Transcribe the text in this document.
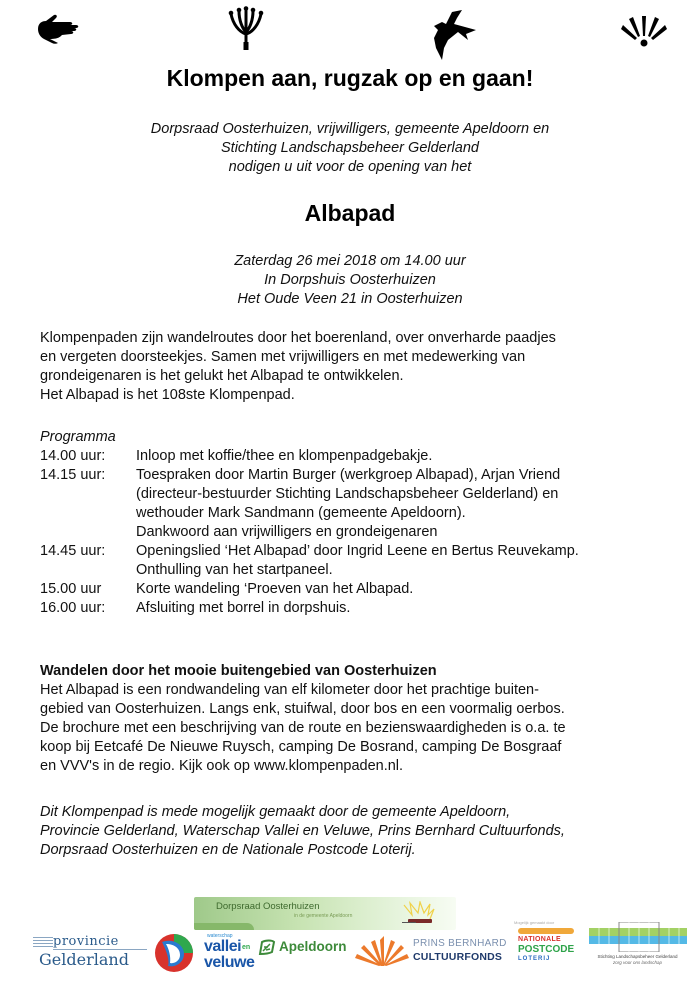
Klompen aan, rugzak op en gaan!
Dorpsraad Oosterhuizen, vrijwilligers, gemeente Apeldoorn en
Stichting Landschapsbeheer Gelderland
nodigen u uit voor de opening van het
Albapad
Zaterdag 26 mei 2018 om 14.00 uur
In Dorpshuis Oosterhuizen
Het Oude Veen 21 in Oosterhuizen
Klompenpaden zijn wandelroutes door het boerenland, over onverharde paadjes
en vergeten doorsteekjes. Samen met vrijwilligers en met medewerking van
grondeigenaren is het gelukt het Albapad te ontwikkelen.
Het Albapad is het 108ste Klompenpad.
Programma
14.00 uur:	Inloop met koffie/thee en klompenpadgebakje.
14.15 uur:	Toespraken door Martin Burger (werkgroep Albapad), Arjan Vriend
(directeur-bestuurder Stichting Landschapsbeheer Gelderland) en
wethouder Mark Sandmann (gemeente Apeldoorn).
Dankwoord aan vrijwilligers en grondeigenaren
14.45 uur:	Openingslied ‘Het Albapad’ door Ingrid Leene en Bertus Reuvekamp.
Onthulling van het startpaneel.
15.00 uur	Korte wandeling ‘Proeven van het Albapad.
16.00 uur:	Afsluiting met borrel in dorpshuis.
Wandelen door het mooie buitengebied van Oosterhuizen
Het Albapad is een rondwandeling van elf kilometer door het prachtige buiten-
gebied van Oosterhuizen. Langs enk, stuifwal, door bos en een voormalig oerbos.
De brochure met een beschrijving van de route en bezienswaardigheden is o.a. te
koop bij Eetcafé De Nieuwe Ruysch, camping De Bosrand, camping De Bosgraaf
en VVV's in de regio. Kijk ook op www.klompenpaden.nl.
Dit Klompenpad is mede mogelijk gemaakt door de gemeente Apeldoorn,
Provincie Gelderland, Waterschap Vallei en Veluwe, Prins Bernhard Cultuurfonds,
Dorpsraad Oosterhuizen en de Nationale Postcode Loterij.
Dorpsraad Oosterhuizen
in de gemeente Apeldoorn
provincie
Gelderland
waterschap
vallei en
veluwe
Apeldoorn	PRINS BERNHARD
CULTUURFONDS
Mogelijk gemaakt door
NATIONALE
POSTCODE
LOTERIJ	Stichting Landschapsbeheer Gelderland
zorg voor ons landschap
